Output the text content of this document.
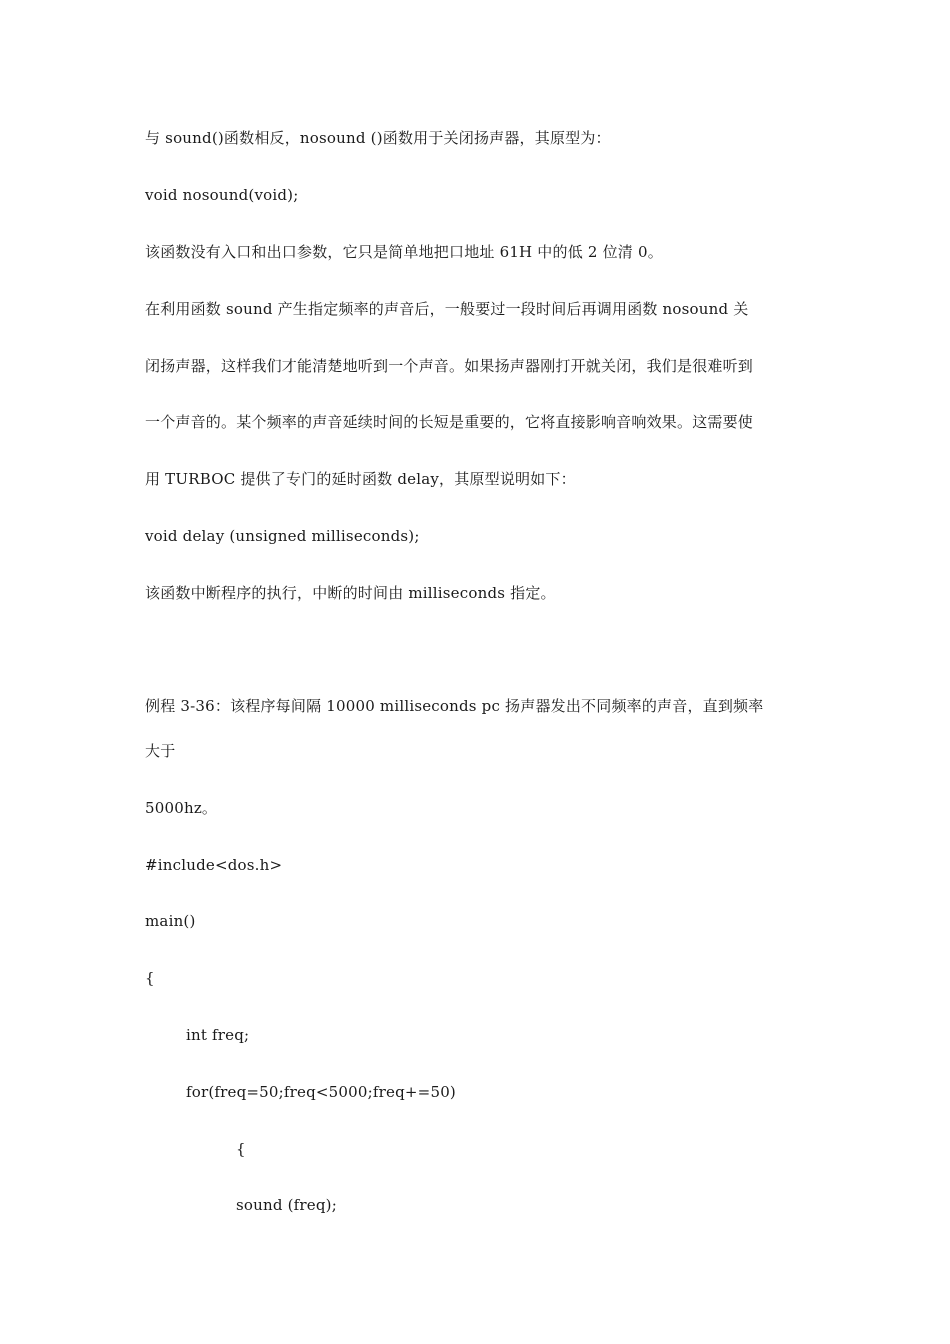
与 sound()函数相反，nosound ()函数用于关闭扬声器，其原型为：
void nosound(void);
该函数没有入口和出口参数，它只是简单地把口地址 61H 中的低 2 位清 0。
在利用函数 sound 产生指定频率的声音后，一般要过一段时间后再调用函数 nosound 关
闭扬声器，这样我们才能清楚地听到一个声音。如果扬声器刚打开就关闭，我们是很难听到
一个声音的。某个频率的声音延续时间的长短是重要的，它将直接影响音响效果。这需要使
用 TURBOC 提供了专门的延时函数 delay，其原型说明如下：
void delay (unsigned milliseconds);
该函数中断程序的执行，中断的时间由 milliseconds 指定。
例程 3-36：该程序每间隔 10000 milliseconds pc 扬声器发出不同频率的声音，直到频率
大于
5000hz。
#include<dos.h>
main()
{
int freq;
for(freq=50;freq<5000;freq+=50)
{
sound (freq);
